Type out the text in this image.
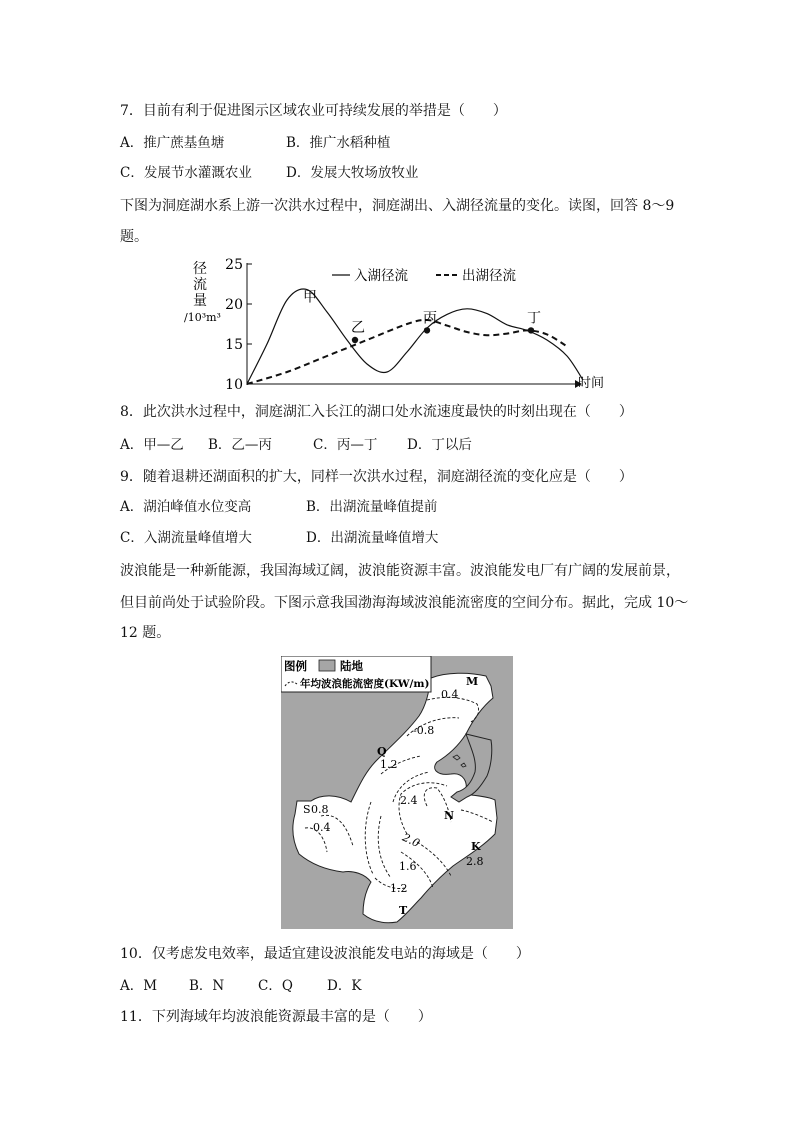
7．目前有利于促进图示区域农业可持续发展的举措是（　　）
A．推广蔗基鱼塘	B．推广水稻种植
C．发展节水灌溉农业	D．发展大牧场放牧业
下图为洞庭湖水系上游一次洪水过程中，洞庭湖出、入湖径流量的变化。读图，回答 8～9
题。
径
流
量
/10³m³
25
20
15
10	时间
入湖径流	出湖径流
甲
乙
丙	丁
8．此次洪水过程中，洞庭湖汇入长江的湖口处水流速度最快的时刻出现在（　　）
A．甲—乙 B．乙—丙	C．丙—丁 D．丁以后
9．随着退耕还湖面积的扩大，同样一次洪水过程，洞庭湖径流的变化应是（　　）
A．湖泊峰值水位变高	B．出湖流量峰值提前
C．入湖流量峰值增大	D．出湖流量峰值增大
波浪能是一种新能源，我国海域辽阔，波浪能资源丰富。波浪能发电厂有广阔的发展前景，
但目前尚处于试验阶段。下图示意我国渤海海域波浪能流密度的空间分布。据此，完成 10～
12 题。
图例	陆地
年均波浪能流密度(KW/m)	M
0.4
-0.8
Q
1.2
S 0.8
0.4
2.4
N
2.0	K
2.8
1.6
1.2
T
10．仅考虑发电效率，最适宜建设波浪能发电站的海域是（　　）
A．M B．N	C．Q	D．K
11．下列海域年均波浪能资源最丰富的是（　　）
